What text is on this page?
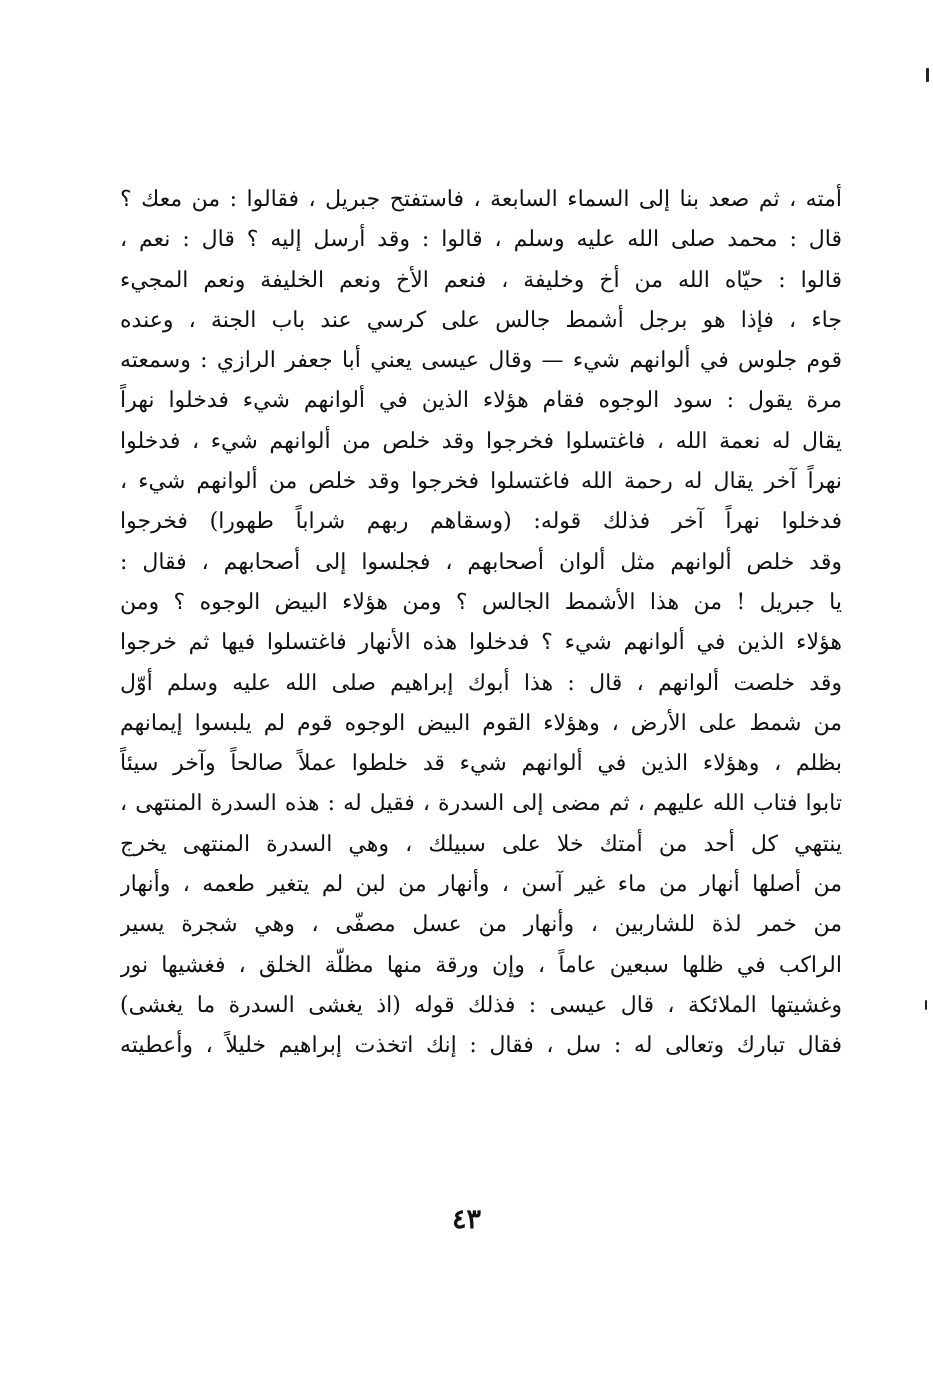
أمته ، ثم صعد بنا إلى السماء السابعة ، فاستفتح جبريل ، فقالوا : من معك ؟
قال : محمد صلى الله عليه وسلم ، قالوا : وقد أرسل إليه ؟ قال : نعم ،
قالوا : حيّاه الله من أخ وخليفة ، فنعم الأخ ونعم الخليفة ونعم المجيء
جاء ، فإذا هو برجل أشمط جالس على كرسي عند باب الجنة ، وعنده
قوم جلوس في ألوانهم شيء — وقال عيسى يعني أبا جعفر الرازي : وسمعته
مرة يقول : سود الوجوه فقام هؤلاء الذين في ألوانهم شيء فدخلوا نهراً
يقال له نعمة الله ، فاغتسلوا فخرجوا وقد خلص من ألوانهم شيء ، فدخلوا
نهراً آخر يقال له رحمة الله فاغتسلوا فخرجوا وقد خلص من ألوانهم شيء ،
فدخلوا نهراً آخر فذلك قوله: (وسقاهم ربهم شراباً طهورا) فخرجوا
وقد خلص ألوانهم مثل ألوان أصحابهم ، فجلسوا إلى أصحابهم ، فقال :
يا جبريل ! من هذا الأشمط الجالس ؟ ومن هؤلاء البيض الوجوه ؟ ومن
هؤلاء الذين في ألوانهم شيء ؟ فدخلوا هذه الأنهار فاغتسلوا فيها ثم خرجوا
وقد خلصت ألوانهم ، قال : هذا أبوك إبراهيم صلى الله عليه وسلم أوّل
من شمط على الأرض ، وهؤلاء القوم البيض الوجوه قوم لم يلبسوا إيمانهم
بظلم ، وهؤلاء الذين في ألوانهم شيء قد خلطوا عملاً صالحاً وآخر سيئاً
تابوا فتاب الله عليهم ، ثم مضى إلى السدرة ، فقيل له : هذه السدرة المنتهى ،
ينتهي كل أحد من أمتك خلا على سبيلك ، وهي السدرة المنتهى يخرج
من أصلها أنهار من ماء غير آسن ، وأنهار من لبن لم يتغير طعمه ، وأنهار
من خمر لذة للشاربين ، وأنهار من عسل مصفّى ، وهي شجرة يسير
الراكب في ظلها سبعين عاماً ، وإن ورقة منها مظلّة الخلق ، فغشيها نور
وغشيتها الملائكة ، قال عيسى : فذلك قوله (اذ يغشى السدرة ما يغشى)
فقال تبارك وتعالى له : سل ، فقال : إنك اتخذت إبراهيم خليلاً ، وأعطيته
٤٣
